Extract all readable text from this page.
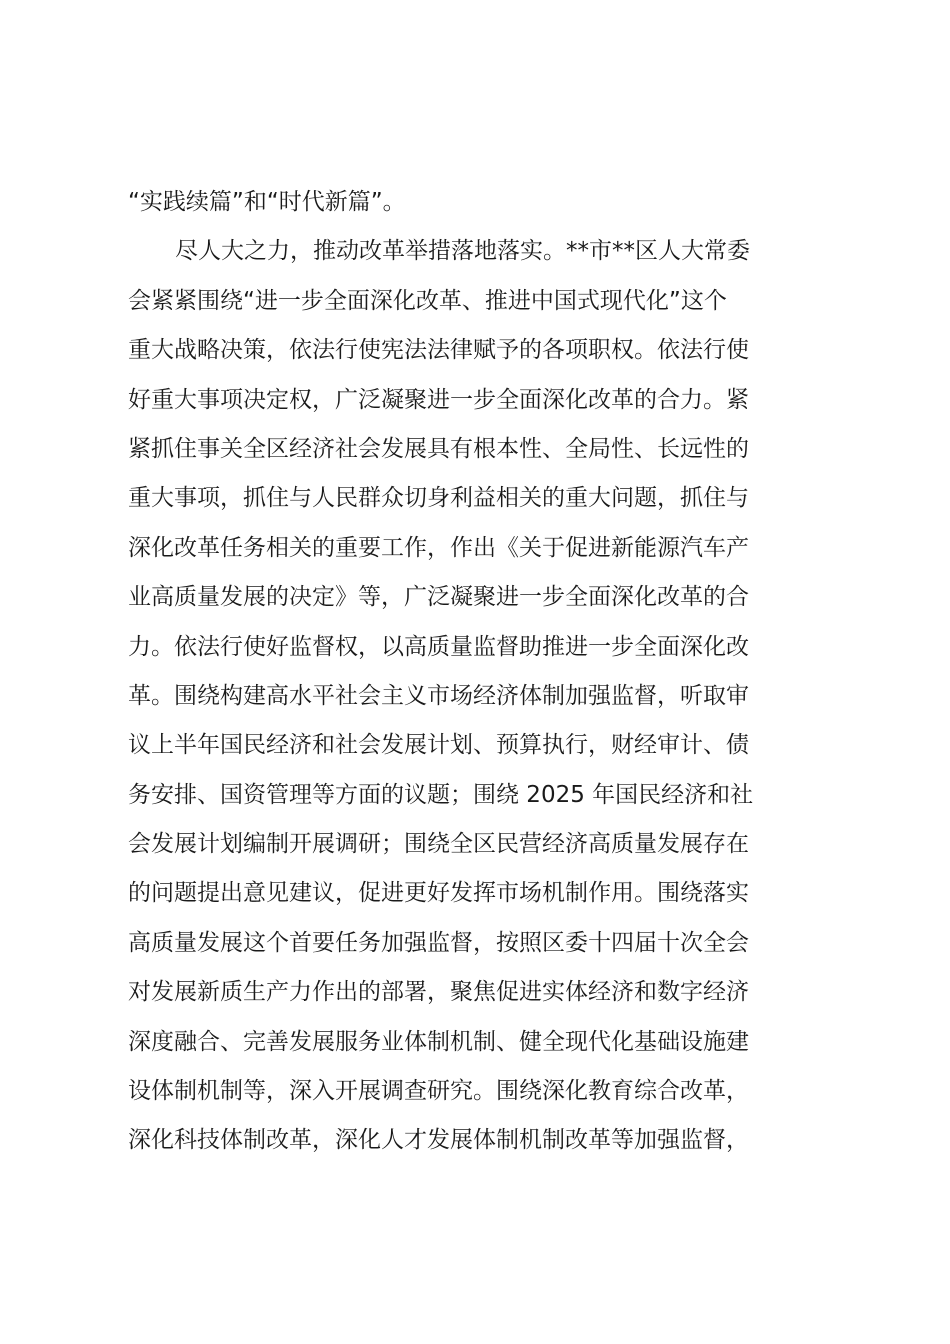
“实践续篇”和“时代新篇”。
尽人大之力，推动改革举措落地落实。**市**区人大常委
会紧紧围绕“进一步全面深化改革、推进中国式现代化”这个
重大战略决策，依法行使宪法法律赋予的各项职权。依法行使
好重大事项决定权，广泛凝聚进一步全面深化改革的合力。紧
紧抓住事关全区经济社会发展具有根本性、全局性、长远性的
重大事项，抓住与人民群众切身利益相关的重大问题，抓住与
深化改革任务相关的重要工作，作出《关于促进新能源汽车产
业高质量发展的决定》等，广泛凝聚进一步全面深化改革的合
力。依法行使好监督权，以高质量监督助推进一步全面深化改
革。围绕构建高水平社会主义市场经济体制加强监督，听取审
议上半年国民经济和社会发展计划、预算执行，财经审计、债
务安排、国资管理等方面的议题；围绕 2025 年国民经济和社
会发展计划编制开展调研；围绕全区民营经济高质量发展存在
的问题提出意见建议，促进更好发挥市场机制作用。围绕落实
高质量发展这个首要任务加强监督，按照区委十四届十次全会
对发展新质生产力作出的部署，聚焦促进实体经济和数字经济
深度融合、完善发展服务业体制机制、健全现代化基础设施建
设体制机制等，深入开展调查研究。围绕深化教育综合改革，
深化科技体制改革，深化人才发展体制机制改革等加强监督，
